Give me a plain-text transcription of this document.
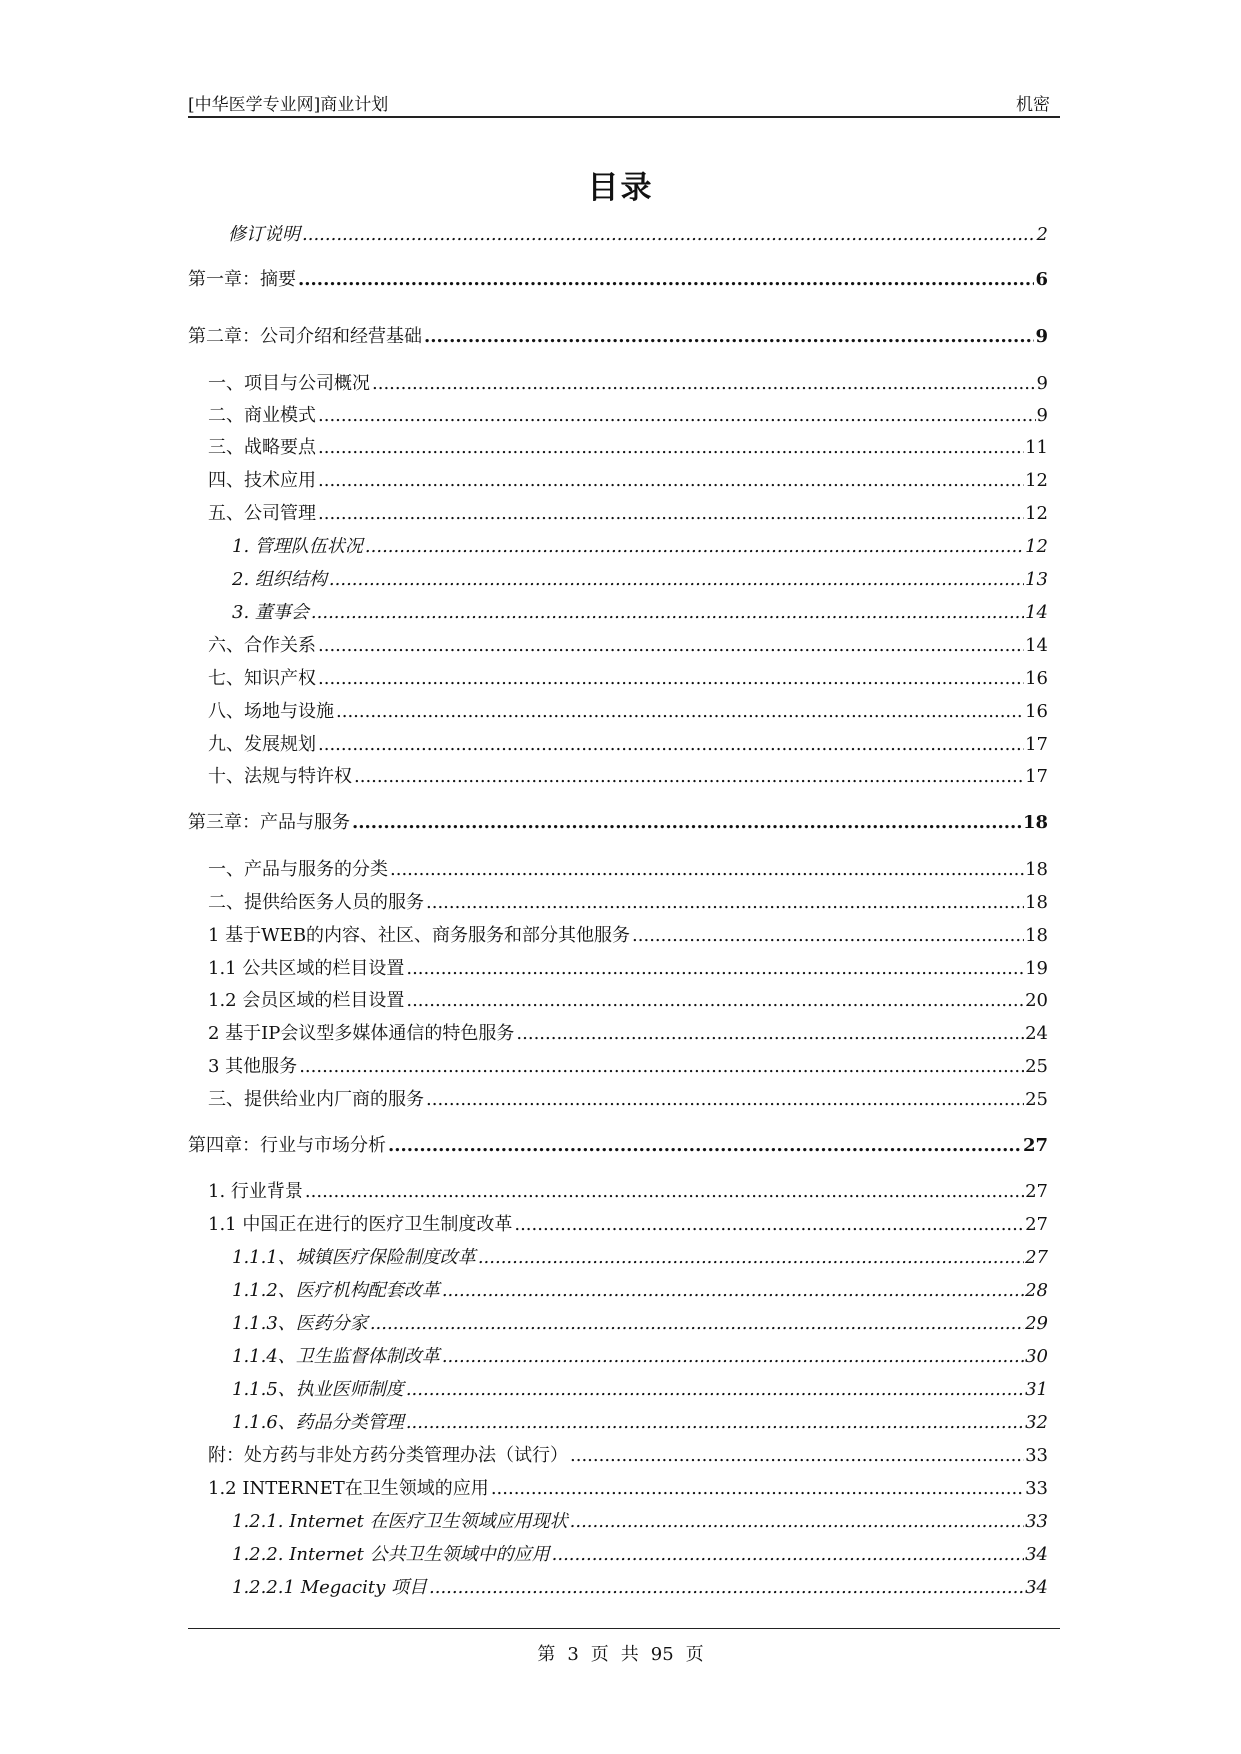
[中华医学专业网]商业计划	机密
目录
修订说明 .....	2
第一章：摘要 .....	6
第二章：公司介绍和经营基础 .....	9
一、项目与公司概况 .....	9
二、商业模式 .....	9
三、战略要点 .....	11
四、技术应用 .....	12
五、公司管理 .....	12
1. 管理队伍状况 .....	12
2. 组织结构 .....	13
3. 董事会 .....	14
六、合作关系 .....	14
七、知识产权 .....	16
八、场地与设施 .....	16
九、发展规划 .....	17
十、法规与特许权 .....	17
第三章：产品与服务 .....	18
一、产品与服务的分类 .....	18
二、提供给医务人员的服务 .....	18
1 基于WEB的内容、社区、商务服务和部分其他服务 .....	18
1.1 公共区域的栏目设置 .....	19
1.2 会员区域的栏目设置 .....	20
2 基于IP会议型多媒体通信的特色服务 .....	24
3 其他服务 .....	25
三、提供给业内厂商的服务 .....	25
第四章：行业与市场分析 .....	27
1. 行业背景 .....	27
1.1 中国正在进行的医疗卫生制度改革 .....	27
1.1.1、城镇医疗保险制度改革 .....	27
1.1.2、医疗机构配套改革 .....	28
1.1.3、医药分家 .....	29
1.1.4、卫生监督体制改革 .....	30
1.1.5、执业医师制度 .....	31
1.1.6、药品分类管理 .....	32
附：处方药与非处方药分类管理办法（试行） .....	33
1.2 INTERNET在卫生领域的应用 .....	33
1.2.1. Internet 在医疗卫生领域应用现状 .....	33
1.2.2. Internet 公共卫生领域中的应用 .....	34
1.2.2.1 Megacity 项目 .....	34
第 3 页 共 95 页
